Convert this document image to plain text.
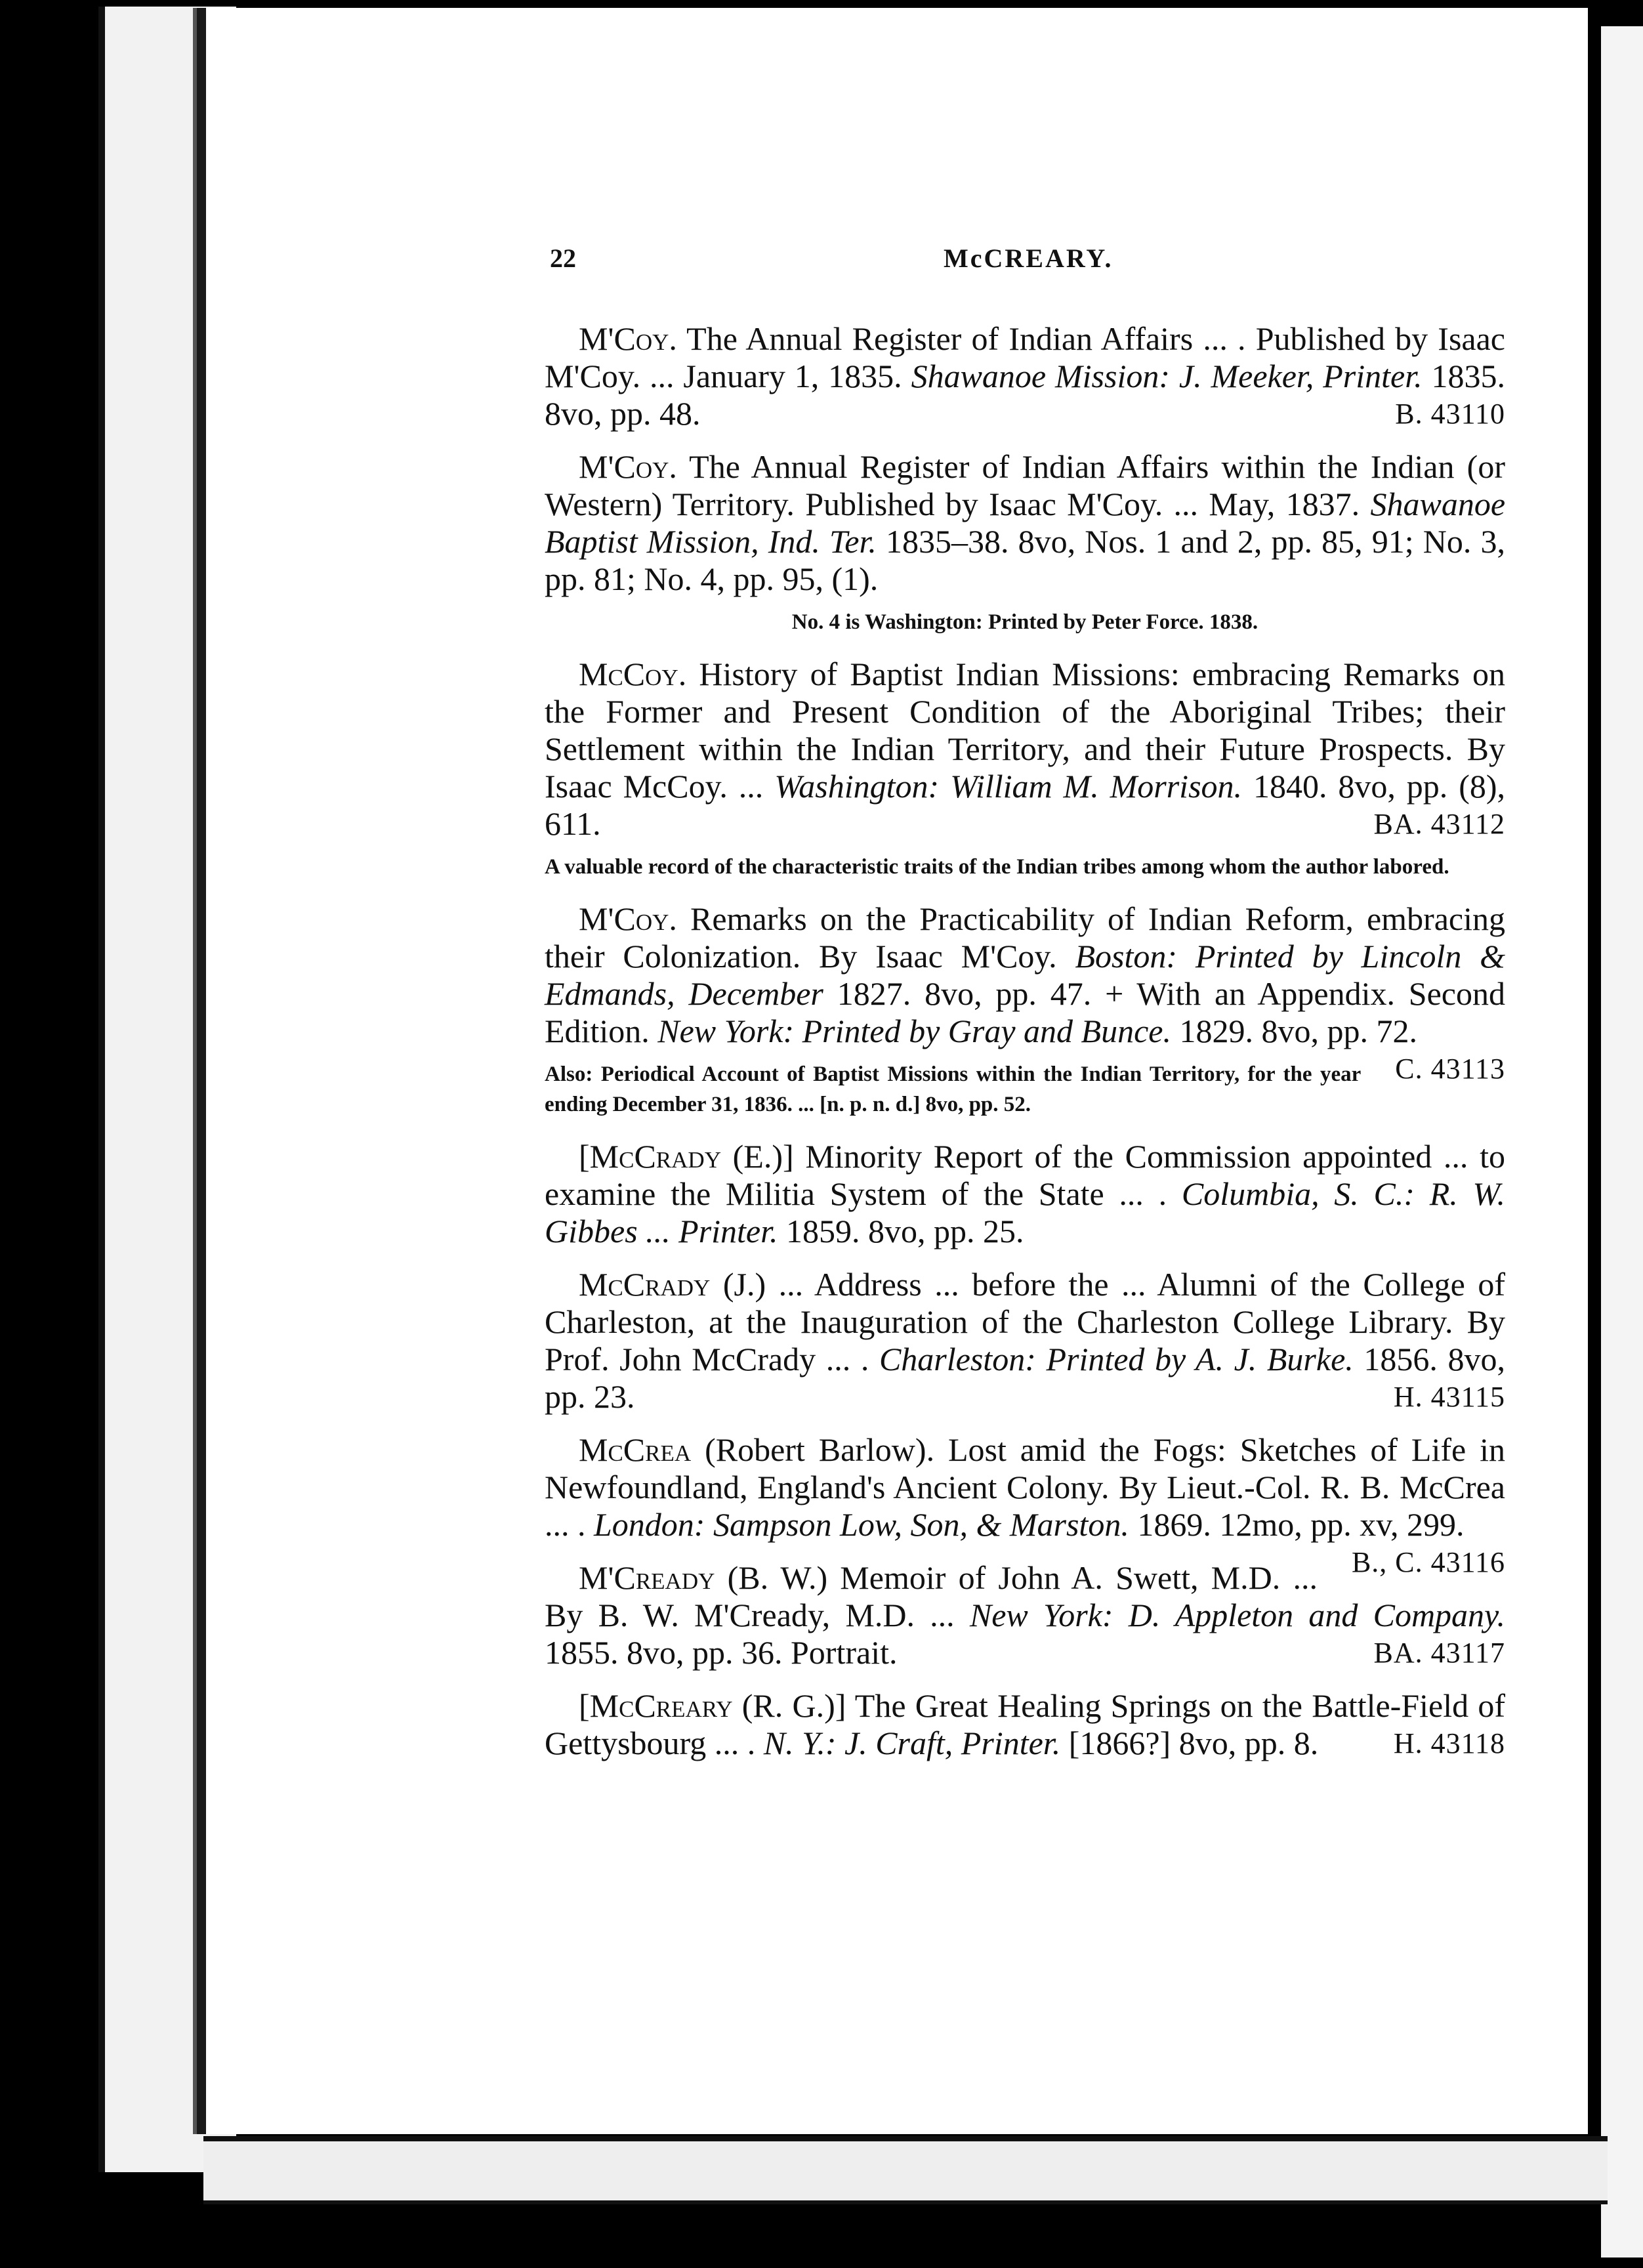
22	McCREARY.

M'Coy. The Annual Register of Indian Affairs ... . Published by Isaac M'Coy. ... January 1, 1835. Shawanoe Mission: J. Meeker, Printer. 1835. 8vo, pp. 48.	B. 43110

M'Coy. The Annual Register of Indian Affairs within the Indian (or Western) Territory. Published by Isaac M'Coy. ... May, 1837. Shawanoe Baptist Mission, Ind. Ter. 1835–38. 8vo, Nos. 1 and 2, pp. 85, 91; No. 3, pp. 81; No. 4, pp. 95, (1).

No. 4 is Washington: Printed by Peter Force. 1838.

McCoy. History of Baptist Indian Missions: embracing Remarks on the Former and Present Condition of the Aboriginal Tribes; their Settlement within the Indian Territory, and their Future Prospects. By Isaac McCoy. ... Washington: William M. Morrison. 1840. 8vo, pp. (8), 611.	BA. 43112

A valuable record of the characteristic traits of the Indian tribes among whom the author labored.

M'Coy. Remarks on the Practicability of Indian Reform, embracing their Colonization. By Isaac M'Coy. Boston: Printed by Lincoln & Edmands, December 1827. 8vo, pp. 47. + With an Appendix. Second Edition. New York: Printed by Gray and Bunce. 1829. 8vo, pp. 72.
C. 43113

Also: Periodical Account of Baptist Missions within the Indian Territory, for the year ending December 31, 1836. ... [n. p. n. d.] 8vo, pp. 52.

[McCrady (E.)] Minority Report of the Commission appointed ... to examine the Militia System of the State ... . Columbia, S. C.: R. W. Gibbes ... Printer. 1859. 8vo, pp. 25.

McCrady (J.) ... Address ... before the ... Alumni of the College of Charleston, at the Inauguration of the Charleston College Library. By Prof. John McCrady ... . Charleston: Printed by A. J. Burke. 1856. 8vo, pp. 23.	H. 43115

McCrea (Robert Barlow). Lost amid the Fogs: Sketches of Life in Newfoundland, England's Ancient Colony. By Lieut.-Col. R. B. McCrea ... . London: Sampson Low, Son, & Marston. 1869. 12mo, pp. xv, 299.
B., C. 43116

M'Cready (B. W.) Memoir of John A. Swett, M.D. ... By B. W. M'Cready, M.D. ... New York: D. Appleton and Company. 1855. 8vo, pp. 36. Portrait.	BA. 43117

[McCreary (R. G.)] The Great Healing Springs on the Battle-Field of Gettysbourg ... . N. Y.: J. Craft, Printer. [1866?] 8vo, pp. 8.	H. 43118
